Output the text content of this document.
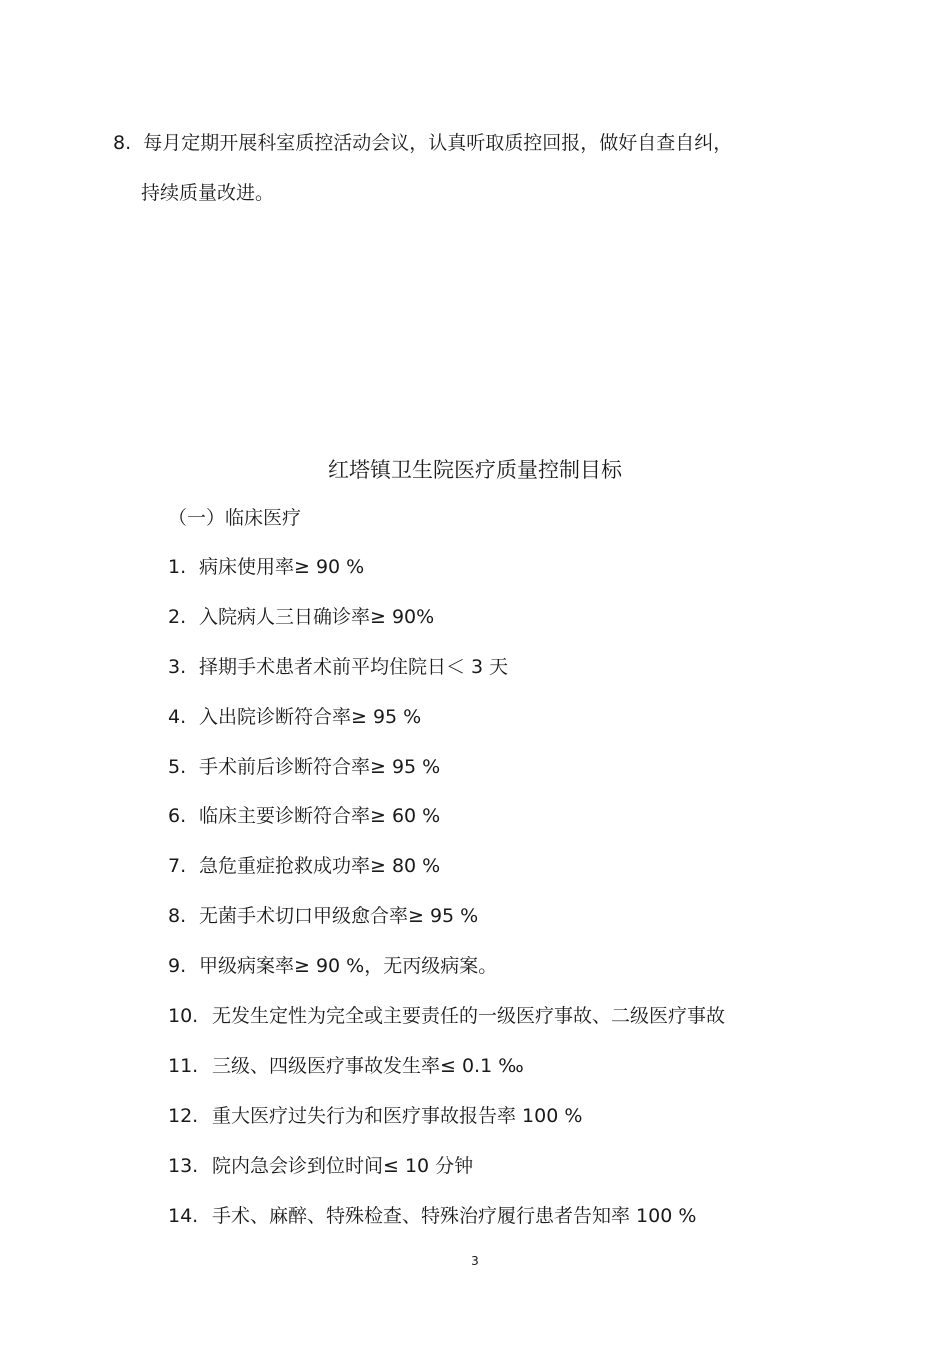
8. 每月定期开展科室质控活动会议，认真听取质控回报，做好自查自纠，
持续质量改进。
红塔镇卫生院医疗质量控制目标
（一）临床医疗
1. 病床使用率≥ 90 %
2. 入院病人三日确诊率≥ 90%
3. 择期手术患者术前平均住院日＜ 3 天
4. 入出院诊断符合率≥ 95 %
5. 手术前后诊断符合率≥ 95 %
6. 临床主要诊断符合率≥ 60 %
7. 急危重症抢救成功率≥ 80 %
8. 无菌手术切口甲级愈合率≥ 95 %
9. 甲级病案率≥ 90 %，无丙级病案。
10. 无发生定性为完全或主要责任的一级医疗事故、二级医疗事故
11. 三级、四级医疗事故发生率≤ 0.1 ‰
12. 重大医疗过失行为和医疗事故报告率 100 %
13. 院内急会诊到位时间≤ 10 分钟
14. 手术、麻醉、特殊检查、特殊治疗履行患者告知率 100 %
3
